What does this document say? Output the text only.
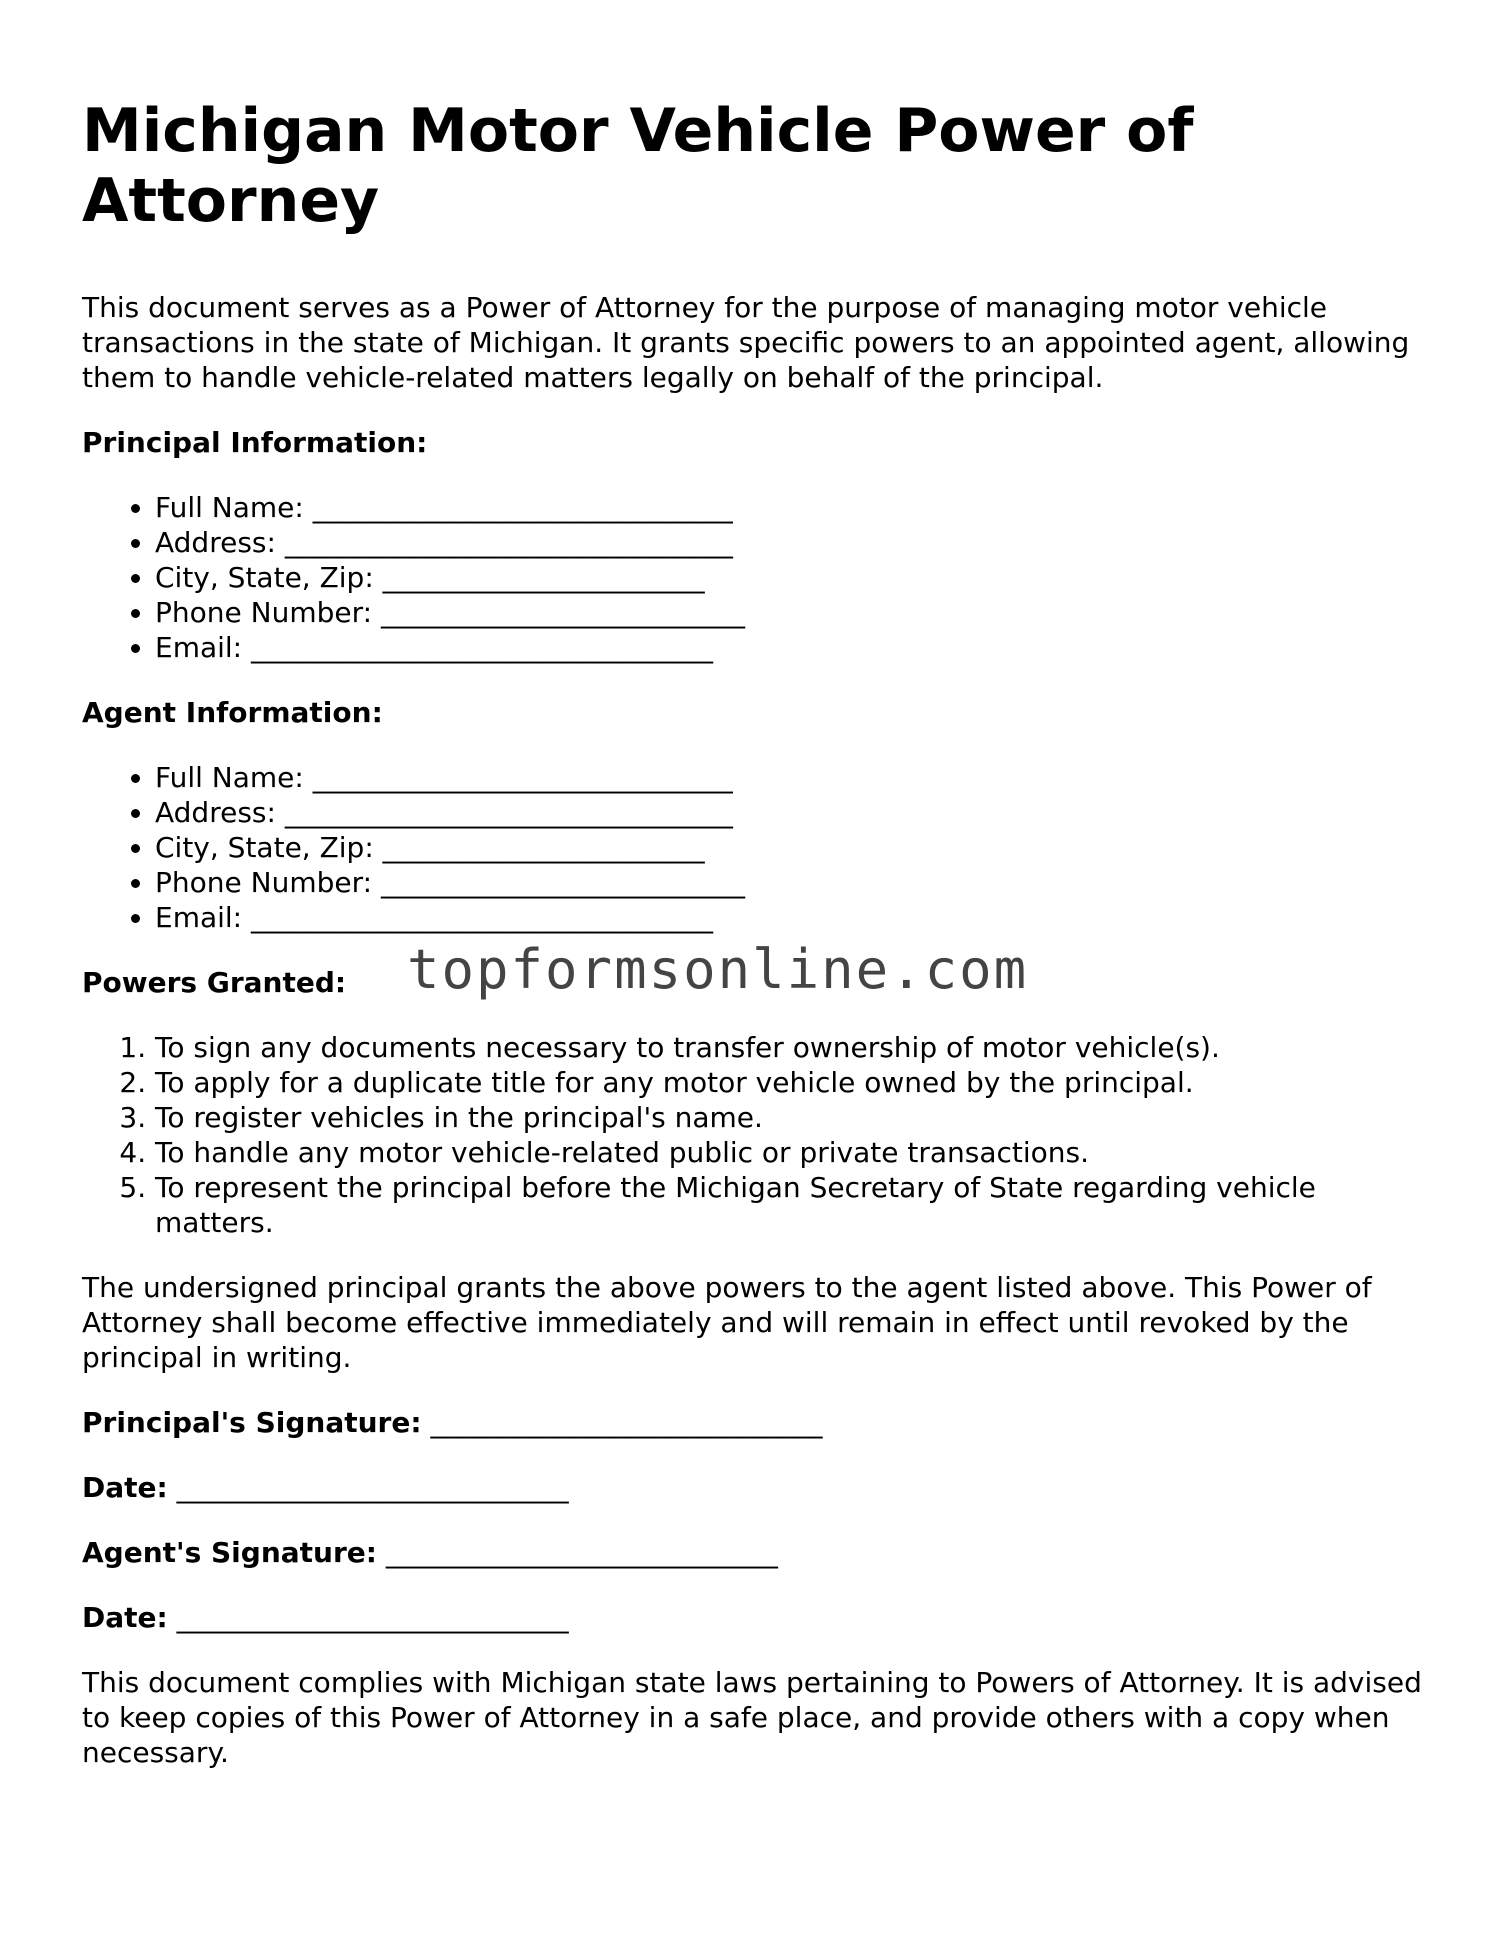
Michigan Motor Vehicle Power of Attorney

This document serves as a Power of Attorney for the purpose of managing motor vehicle transactions in the state of Michigan. It grants specific powers to an appointed agent, allowing them to handle vehicle-related matters legally on behalf of the principal.

Principal Information:
• Full Name: ______________________________
• Address: ________________________________
• City, State, Zip: _______________________
• Phone Number: __________________________
• Email: _________________________________
Agent Information:
• Full Name: ______________________________
• Address: ________________________________
• City, State, Zip: _______________________
• Phone Number: __________________________
• Email: _________________________________
Powers Granted:
1. To sign any documents necessary to transfer ownership of motor vehicle(s).
2. To apply for a duplicate title for any motor vehicle owned by the principal.
3. To register vehicles in the principal's name.
4. To handle any motor vehicle-related public or private transactions.
5. To represent the principal before the Michigan Secretary of State regarding vehicle matters.

The undersigned principal grants the above powers to the agent listed above. This Power of Attorney shall become effective immediately and will remain in effect until revoked by the principal in writing.

Principal's Signature: ____________________________
Date: ____________________________
Agent's Signature: ____________________________
Date: ____________________________

This document complies with Michigan state laws pertaining to Powers of Attorney. It is advised to keep copies of this Power of Attorney in a safe place, and provide others with a copy when necessary.

topformsonline.com
